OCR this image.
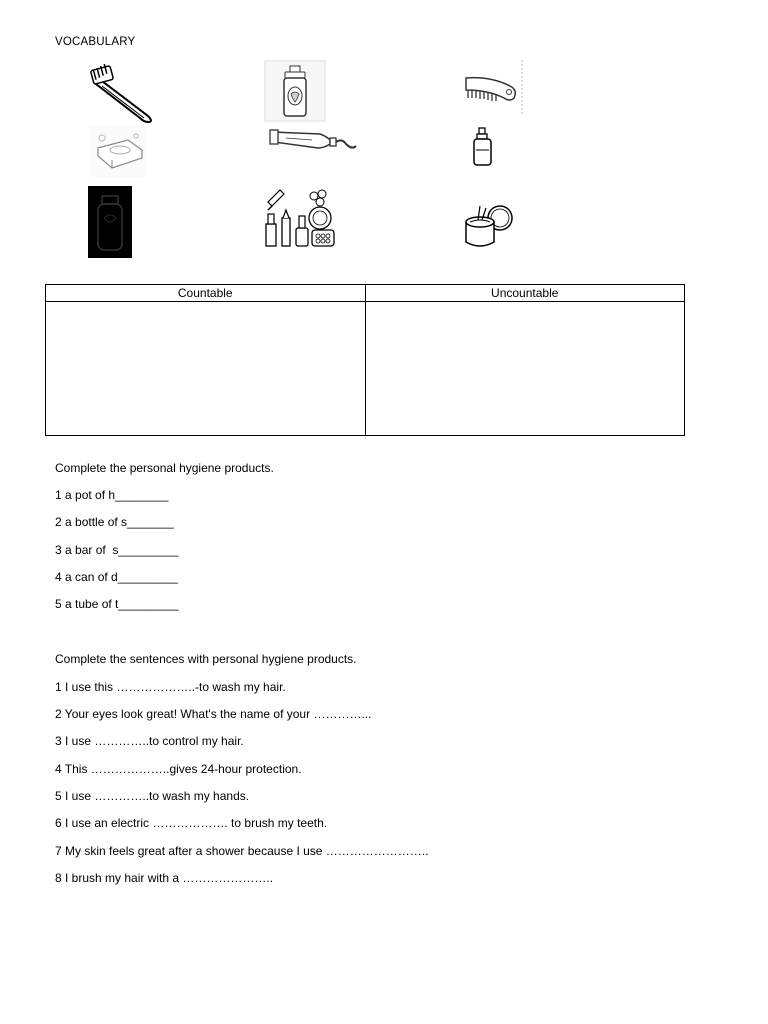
VOCABULARY
Countable	Uncountable

Complete the personal hygiene products.
1 a pot of h________
2 a bottle of s_______
3 a bar of  s_________
4 a can of d_________
5 a tube of t_________
Complete the sentences with personal hygiene products.
1 I use this ………………..-to wash my hair.
2 Your eyes look great! What's the name of your …………...
3 I use …………..to control my hair.
4 This ………………..gives 24-hour protection.
5 I use …………..to wash my hands.
6 I use an electric ………………. to brush my teeth.
7 My skin feels great after a shower because I use ……………………..
8 I brush my hair with a …………………..
